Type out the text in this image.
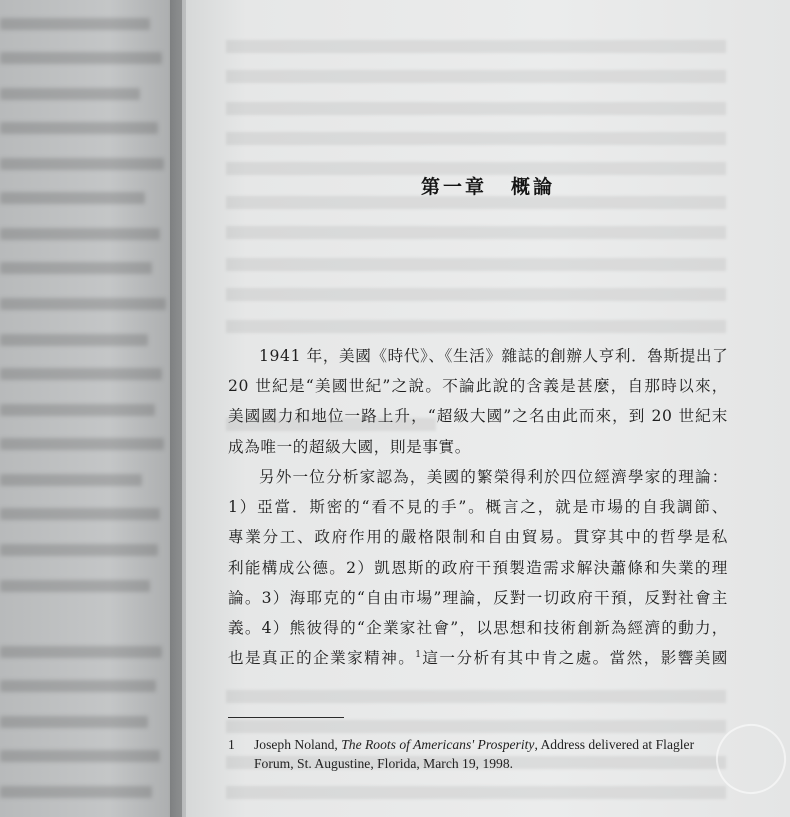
第一章 概論

1941 年，美國《時代》、《生活》雜誌的創辦人亨利．魯斯提出了
20 世紀是“美國世紀”之說。不論此說的含義是甚麼，自那時以來，
美國國力和地位一路上升，“超級大國”之名由此而來，到 20 世紀末
成為唯一的超級大國，則是事實。

另外一位分析家認為，美國的繁榮得利於四位經濟學家的理論：
1）亞當．斯密的“看不見的手”。概言之，就是市場的自我調節、
專業分工、政府作用的嚴格限制和自由貿易。貫穿其中的哲學是私
利能構成公德。2）凱恩斯的政府干預製造需求解決蕭條和失業的理
論。3）海耶克的“自由市場”理論，反對一切政府干預，反對社會主
義。4）熊彼得的“企業家社會”，以思想和技術創新為經濟的動力，
也是真正的企業家精神。$^1$這一分析有其中肯之處。當然，影響美國

1 Joseph Noland, The Roots of Americans' Prosperity, Address delivered at Flagler
Forum, St. Augustine, Florida, March 19, 1998.
